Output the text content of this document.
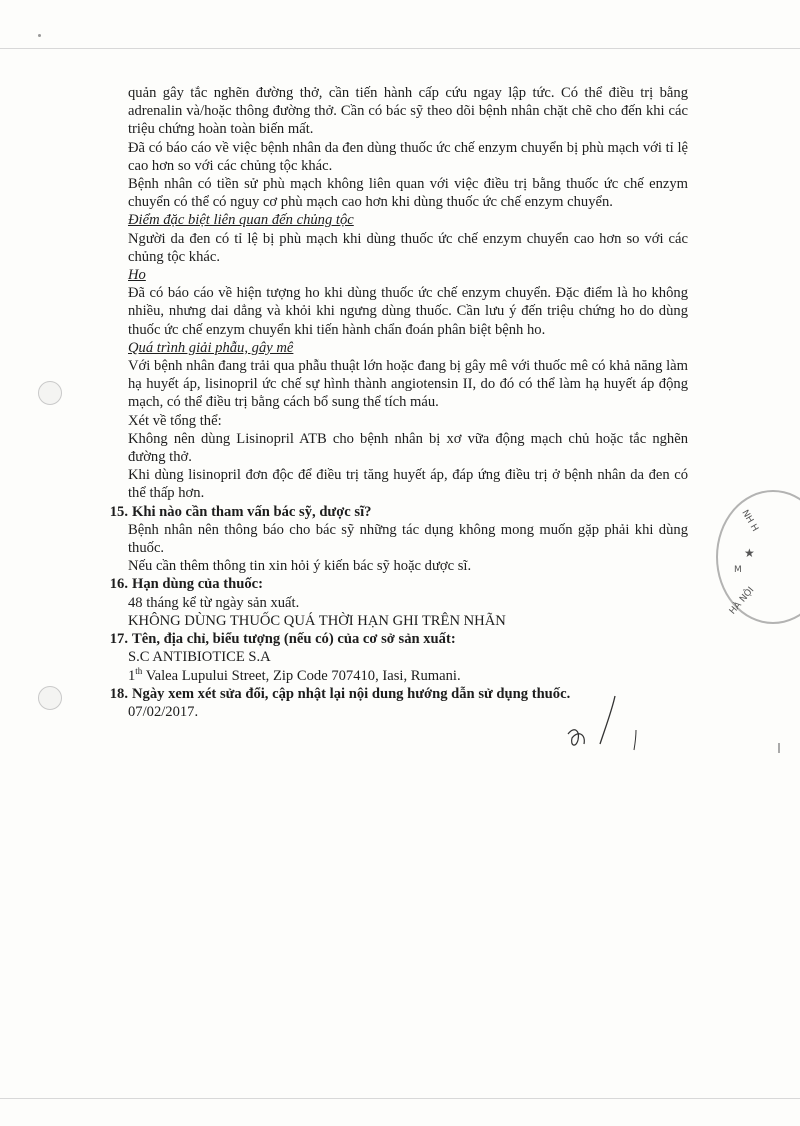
quản gây tắc nghẽn đường thở, cần tiến hành cấp cứu ngay lập tức. Có thể điều trị bằng adrenalin và/hoặc thông đường thở. Cần có bác sỹ theo dõi bệnh nhân chặt chẽ cho đến khi các triệu chứng hoàn toàn biến mất.

Đã có báo cáo về việc bệnh nhân da đen dùng thuốc ức chế enzym chuyển bị phù mạch với tỉ lệ cao hơn so với các chủng tộc khác.

Bệnh nhân có tiền sử phù mạch không liên quan với việc điều trị bằng thuốc ức chế enzym chuyển có thể có nguy cơ phù mạch cao hơn khi dùng thuốc ức chế enzym chuyển.

Điểm đặc biệt liên quan đến chủng tộc

Người da đen có tỉ lệ bị phù mạch khi dùng thuốc ức chế enzym chuyển cao hơn so với các chủng tộc khác.

Ho

Đã có báo cáo về hiện tượng ho khi dùng thuốc ức chế enzym chuyển. Đặc điểm là ho không nhiều, nhưng dai dẳng và khỏi khi ngưng dùng thuốc. Cần lưu ý đến triệu chứng ho do dùng thuốc ức chế enzym chuyển khi tiến hành chẩn đoán phân biệt bệnh ho.

Quá trình giải phẫu, gây mê

Với bệnh nhân đang trải qua phẫu thuật lớn hoặc đang bị gây mê với thuốc mê có khả năng làm hạ huyết áp, lisinopril ức chế sự hình thành angiotensin II, do đó có thể làm hạ huyết áp động mạch, có thể điều trị bằng cách bổ sung thể tích máu.

Xét về tổng thể:

Không nên dùng Lisinopril ATB cho bệnh nhân bị xơ vữa động mạch chủ hoặc tắc nghẽn đường thở.

Khi dùng lisinopril đơn độc để điều trị tăng huyết áp, đáp ứng điều trị ở bệnh nhân da đen có thể thấp hơn.

15. Khi nào cần tham vấn bác sỹ, dược sĩ?

Bệnh nhân nên thông báo cho bác sỹ những tác dụng không mong muốn gặp phải khi dùng thuốc.

Nếu cần thêm thông tin xin hỏi ý kiến bác sỹ hoặc dược sĩ.

16. Hạn dùng của thuốc:

48 tháng kể từ ngày sản xuất.

KHÔNG DÙNG THUỐC QUÁ THỜI HẠN GHI TRÊN NHÃN

17. Tên, địa chỉ, biểu tượng (nếu có) của cơ sở sản xuất:

S.C ANTIBIOTICE S.A

1th Valea Lupului Street, Zip Code 707410, Iasi, Rumani.

18. Ngày xem xét sửa đổi, cập nhật lại nội dung hướng dẫn sử dụng thuốc.

07/02/2017.

NH H
M
★
HÀ NỘI
